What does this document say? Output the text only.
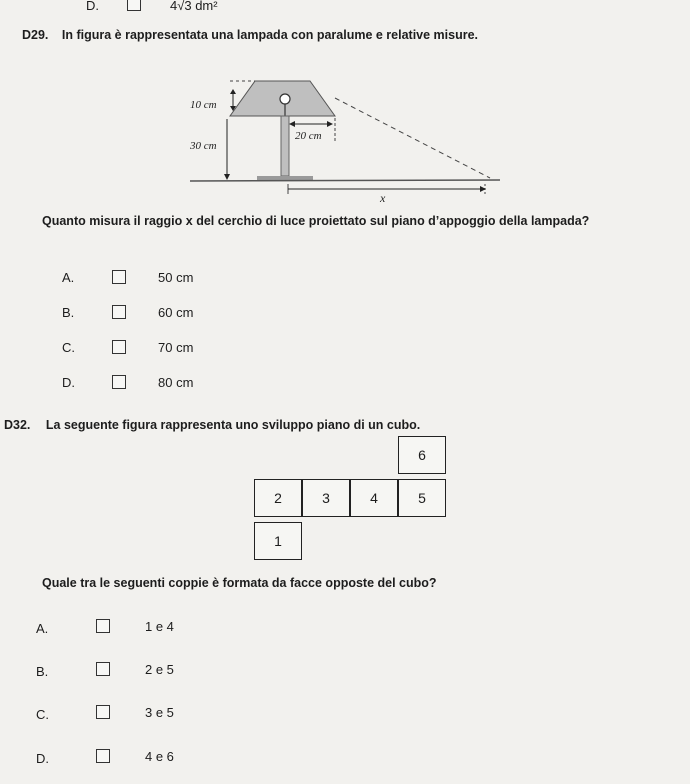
D.	4√3 dm²
D29. In figura è rappresentata una lampada con paralume e relative misure.
10 cm
30 cm
20 cm
x
Quanto misura il raggio x del cerchio di luce proiettato sul piano d’appoggio della lampada?
A.	50 cm
B.	60 cm
C.	70 cm
D.	80 cm
D32. La seguente figura rappresenta uno sviluppo piano di un cubo.
6
2	3	4	5
1
Quale tra le seguenti coppie è formata da facce opposte del cubo?
A.	1 e 4
B.	2 e 5
C.	3 e 5
D.	4 e 6
